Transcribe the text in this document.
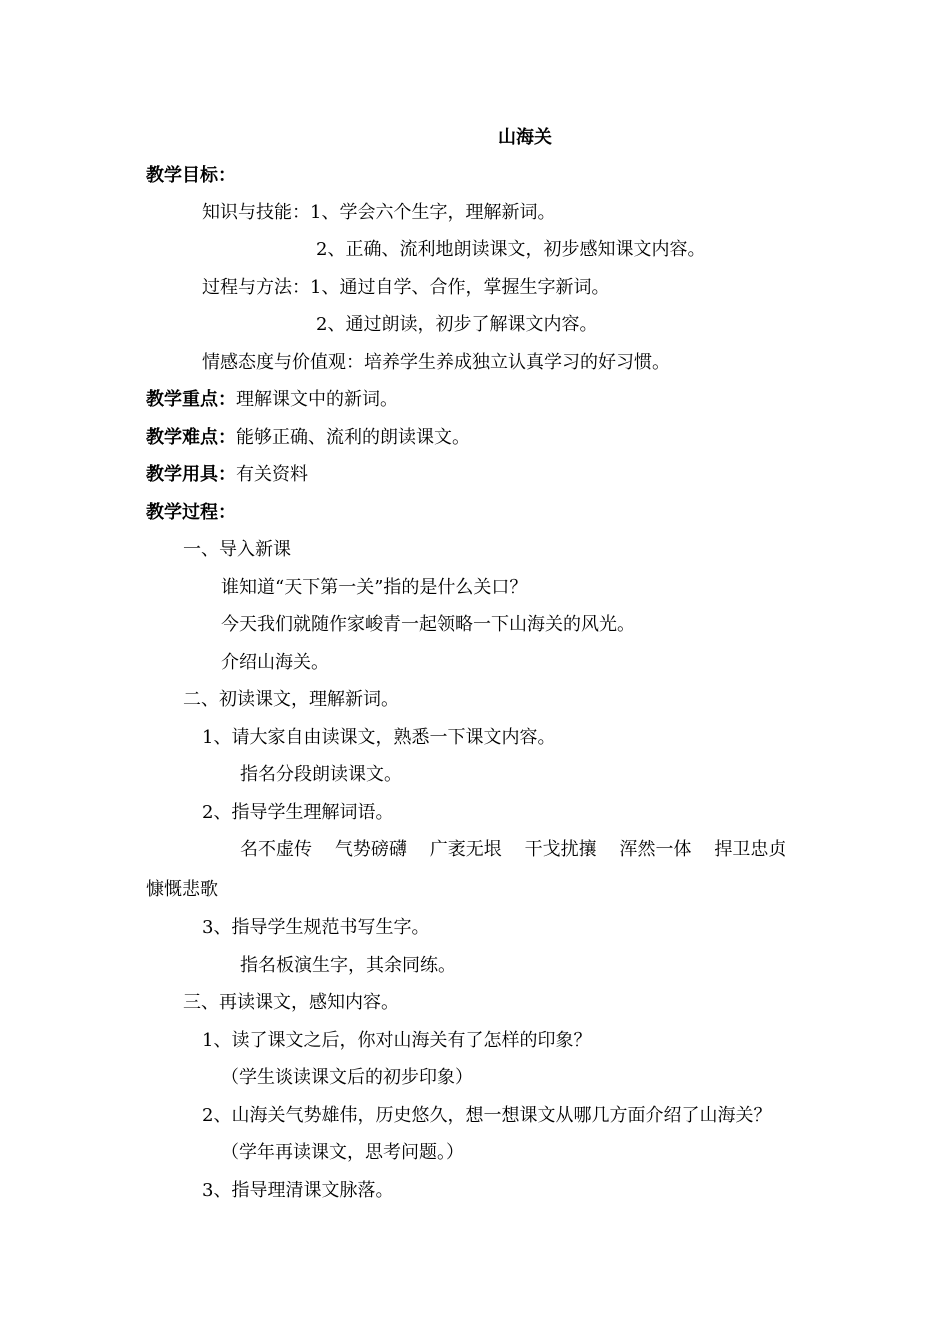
山海关
教学目标：
知识与技能：1、学会六个生字，理解新词。
2、正确、流利地朗读课文，初步感知课文内容。
过程与方法：1、通过自学、合作，掌握生字新词。
2、通过朗读，初步了解课文内容。
情感态度与价值观：培养学生养成独立认真学习的好习惯。
教学重点：理解课文中的新词。
教学难点：能够正确、流利的朗读课文。
教学用具：有关资料
教学过程：
一、导入新课
谁知道“天下第一关”指的是什么关口？
今天我们就随作家峻青一起领略一下山海关的风光。
介绍山海关。
二、初读课文，理解新词。
1、请大家自由读课文，熟悉一下课文内容。
指名分段朗读课文。
2、指导学生理解词语。
名不虚传    气势磅礴    广袤无垠    干戈扰攘    浑然一体    捍卫忠贞
慷慨悲歌
3、指导学生规范书写生字。
指名板演生字，其余同练。
三、再读课文，感知内容。
1、读了课文之后，你对山海关有了怎样的印象？
（学生谈读课文后的初步印象）
2、山海关气势雄伟，历史悠久，想一想课文从哪几方面介绍了山海关？
（学年再读课文，思考问题。）
3、指导理清课文脉落。
